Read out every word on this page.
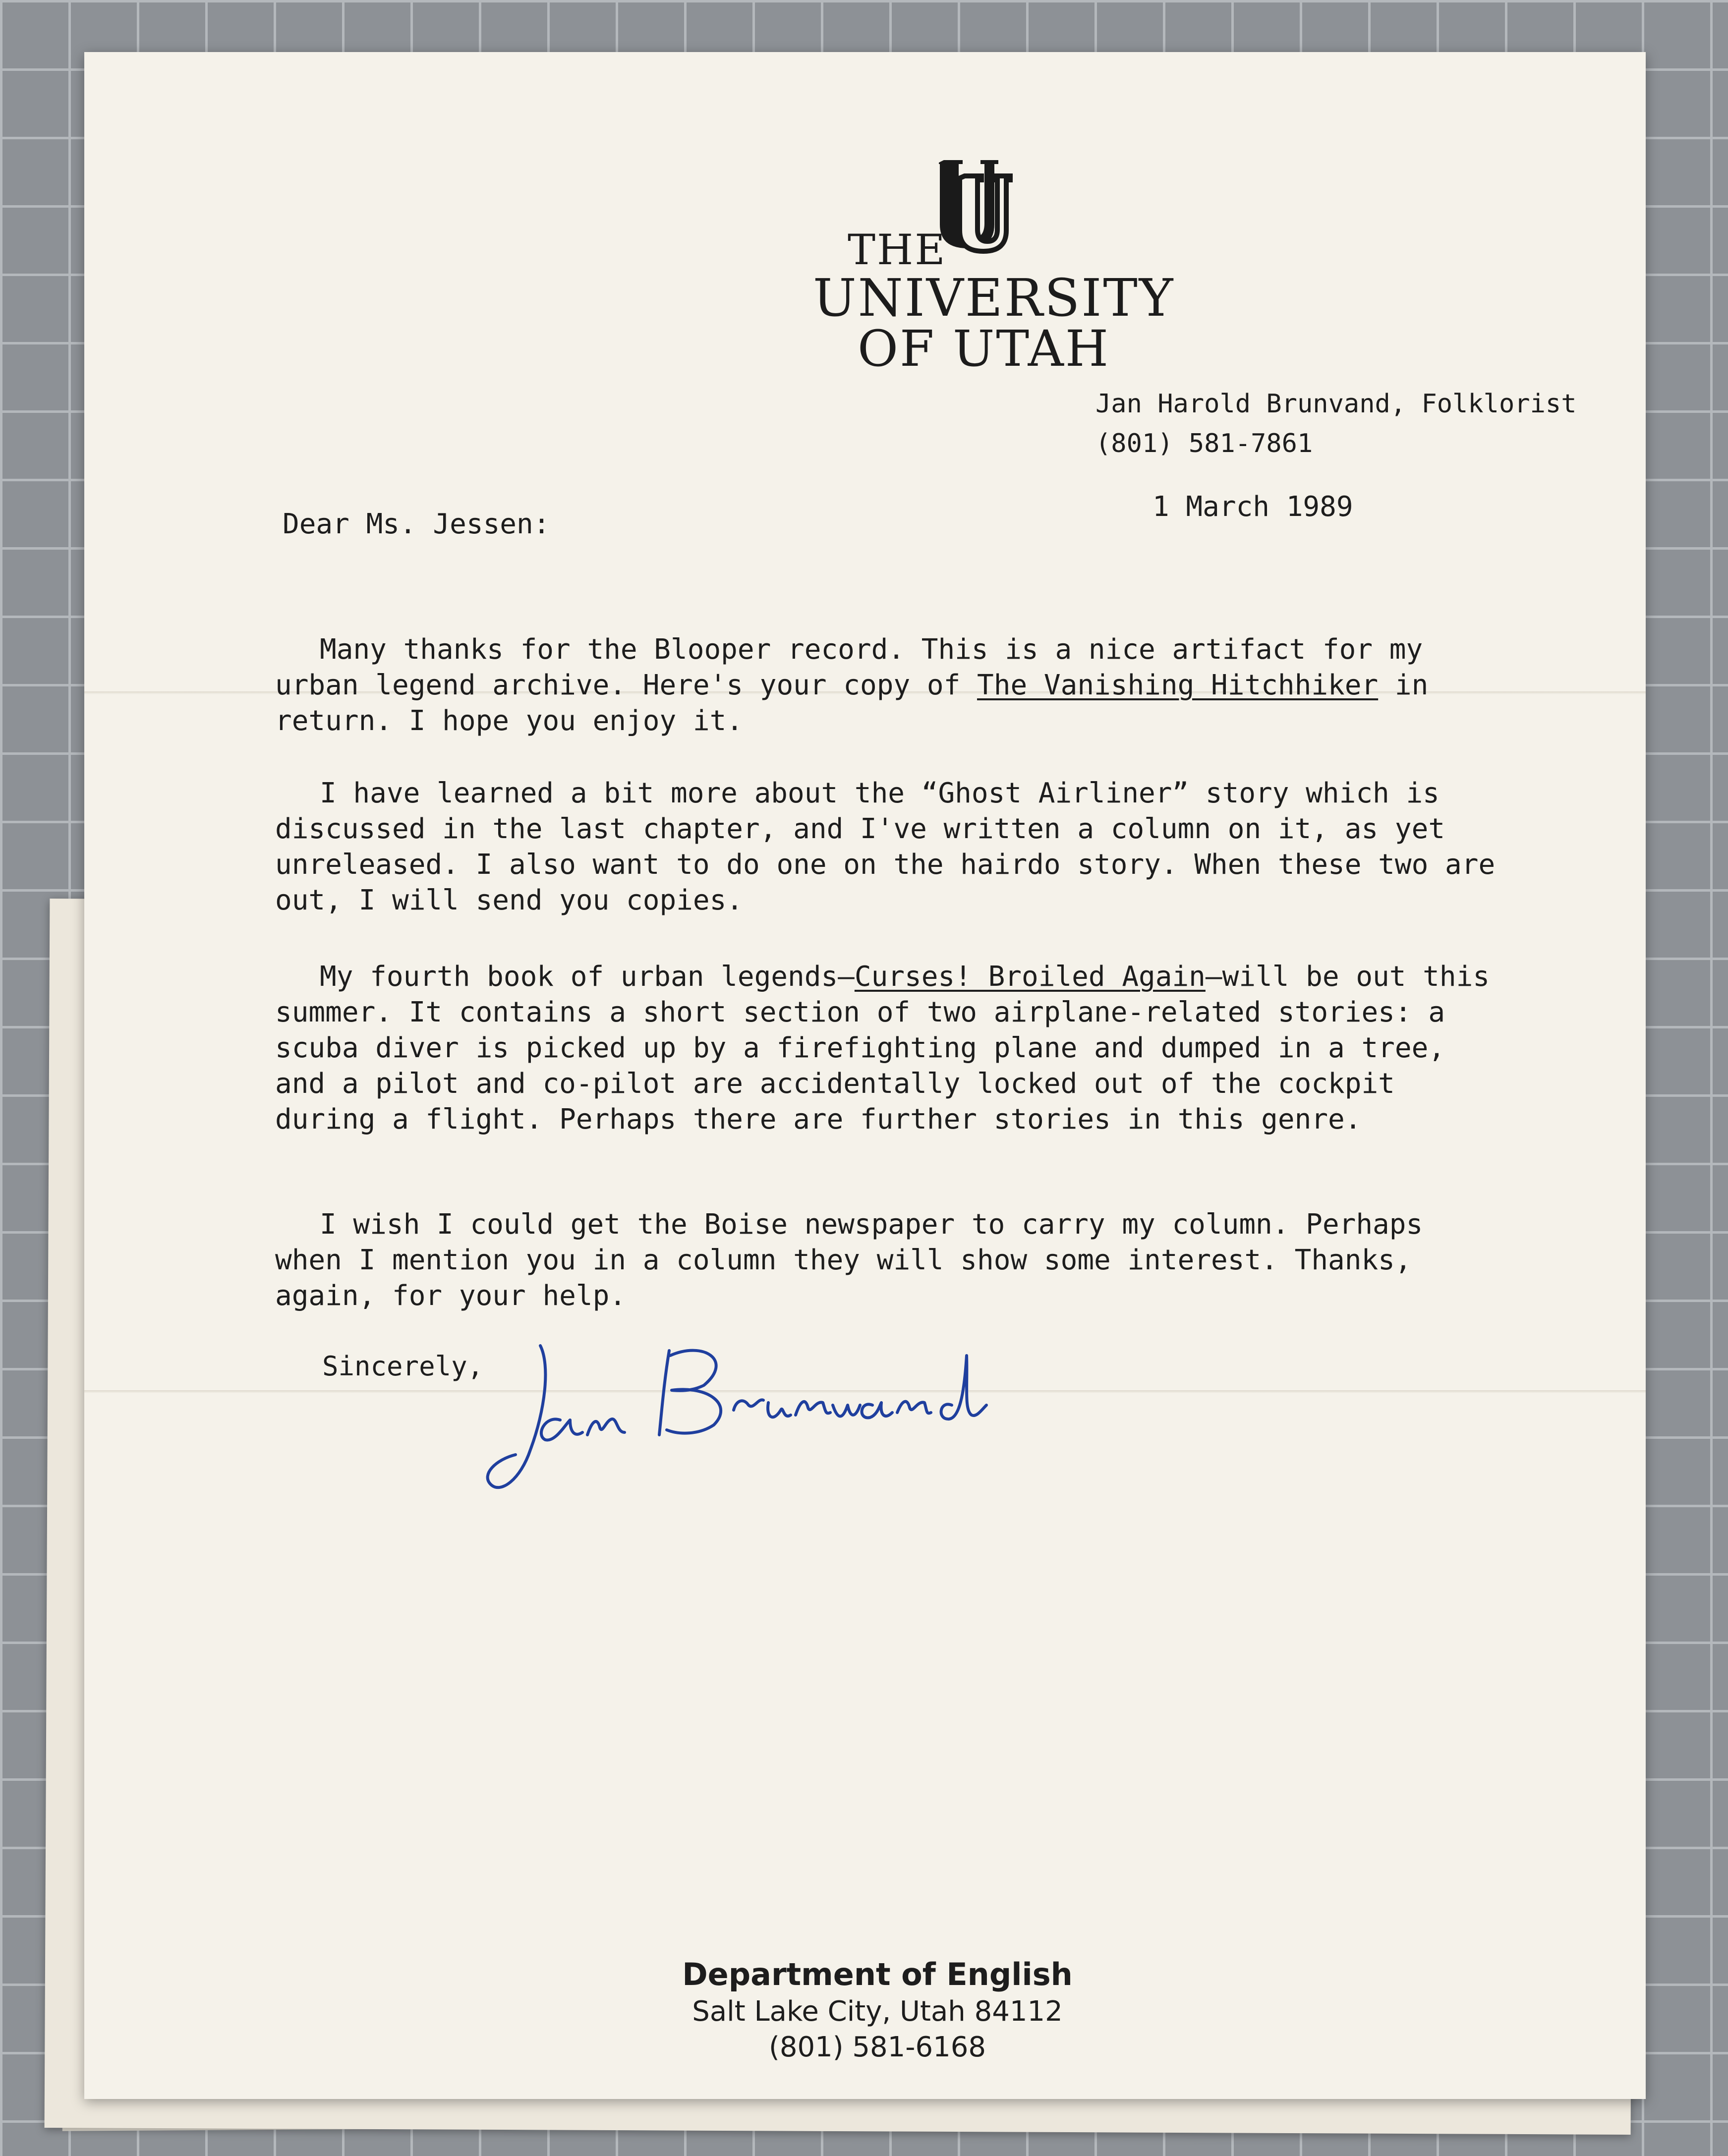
THE
UNIVERSITY
OF UTAH

Jan Harold Brunvand, Folklorist

(801) 581-7861

1 March 1989

Dear Ms. Jessen:

Many thanks for the Blooper record. This is a nice artifact for my urban legend archive. Here's your copy of The Vanishing Hitchhiker in return. I hope you enjoy it.

I have learned a bit more about the “Ghost Airliner” story which is discussed in the last chapter, and I've written a column on it, as yet unreleased. I also want to do one on the hairdo story. When these two are out, I will send you copies.

My fourth book of urban legends—Curses! Broiled Again—will be out this summer. It contains a short section of two airplane-related stories: a scuba diver is picked up by a firefighting plane and dumped in a tree, and a pilot and co-pilot are accidentally locked out of the cockpit during a flight. Perhaps there are further stories in this genre.

I wish I could get the Boise newspaper to carry my column. Perhaps when I mention you in a column they will show some interest. Thanks, again, for your help.

Sincerely,

Department of English
Salt Lake City, Utah 84112
(801) 581-6168
